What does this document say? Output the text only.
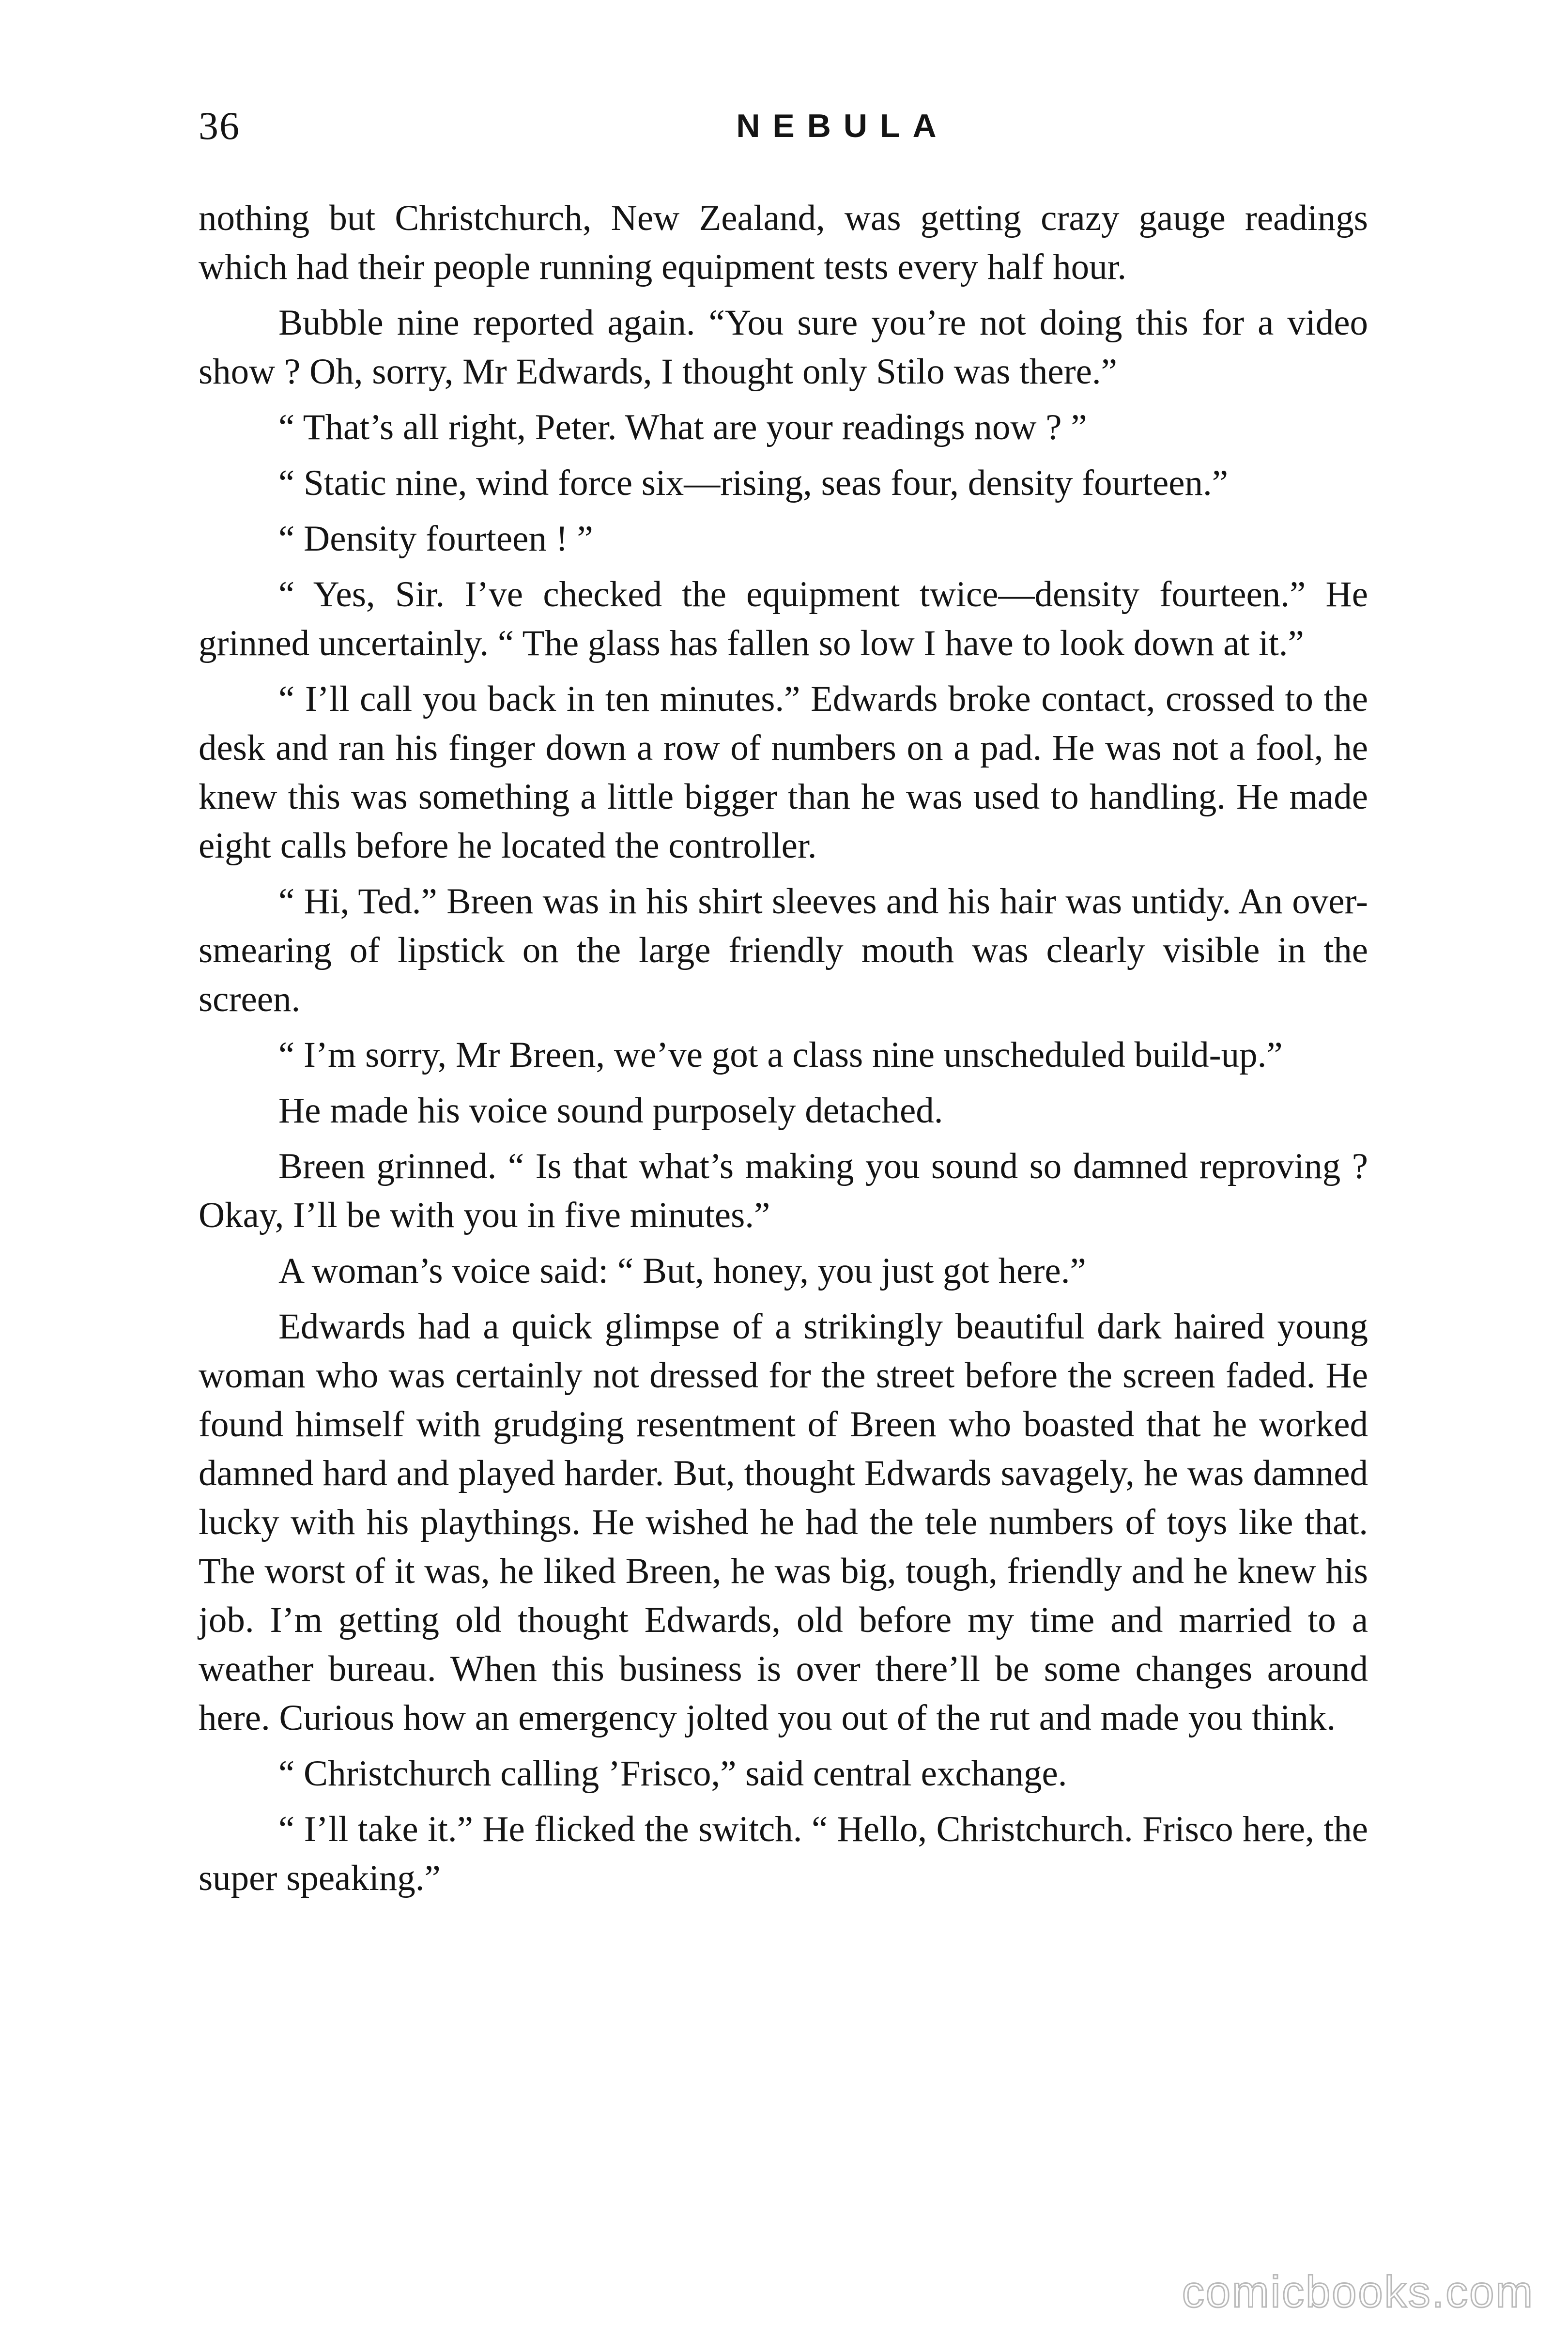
36	NEBULA

nothing but Christchurch, New Zealand, was getting crazy gauge readings which had their people running equipment tests every half hour.

Bubble nine reported again. “You sure you’re not doing this for a video show ? Oh, sorry, Mr Edwards, I thought only Stilo was there.”

“ That’s all right, Peter. What are your readings now ? ”

“ Static nine, wind force six—rising, seas four, density fourteen.”

“ Density fourteen ! ”

“ Yes, Sir. I’ve checked the equipment twice—density fourteen.” He grinned uncertainly. “ The glass has fallen so low I have to look down at it.”

“ I’ll call you back in ten minutes.” Edwards broke contact, crossed to the desk and ran his finger down a row of numbers on a pad. He was not a fool, he knew this was something a little bigger than he was used to handling. He made eight calls before he located the controller.

“ Hi, Ted.” Breen was in his shirt sleeves and his hair was untidy. An over-smearing of lipstick on the large friendly mouth was clearly visible in the screen.

“ I’m sorry, Mr Breen, we’ve got a class nine unscheduled build-up.”

He made his voice sound purposely detached.

Breen grinned. “ Is that what’s making you sound so damned reproving ? Okay, I’ll be with you in five minutes.”

A woman’s voice said: “ But, honey, you just got here.”

Edwards had a quick glimpse of a strikingly beautiful dark haired young woman who was certainly not dressed for the street before the screen faded. He found himself with grudging resentment of Breen who boasted that he worked damned hard and played harder. But, thought Edwards savagely, he was damned lucky with his playthings. He wished he had the tele numbers of toys like that. The worst of it was, he liked Breen, he was big, tough, friendly and he knew his job. I’m getting old thought Edwards, old before my time and married to a weather bureau. When this business is over there’ll be some changes around here. Curious how an emergency jolted you out of the rut and made you think.

“ Christchurch calling ’Frisco,” said central exchange.

“ I’ll take it.” He flicked the switch. “ Hello, Christchurch. Frisco here, the super speaking.”

comicbooks.com
